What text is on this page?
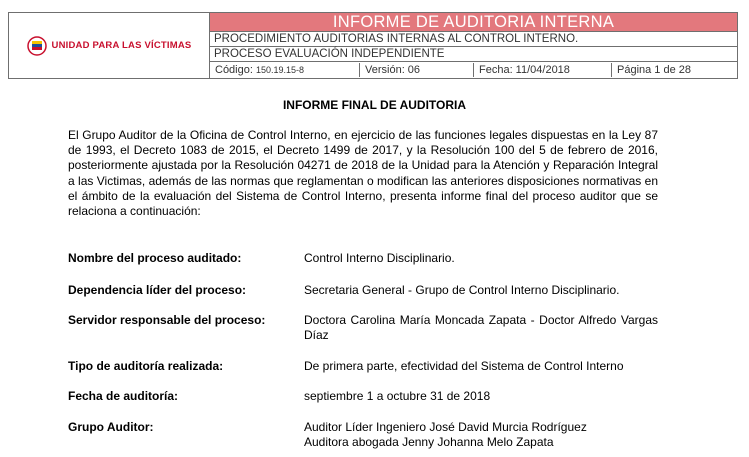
UNIDAD PARA LAS VÍCTIMAS
	INFORME DE AUDITORIA INTERNA
PROCEDIMIENTO AUDITORIAS INTERNAS AL CONTROL INTERNO.
PROCESO EVALUACIÓN INDEPENDIENTE

Código: 150.19.15-8	Versión: 06	Fecha: 11/04/2018	Página 1 de 28
INFORME FINAL DE AUDITORIA

El Grupo Auditor de la Oficina de Control Interno, en ejercicio de las funciones legales dispuestas en la Ley 87 de 1993, el Decreto 1083 de 2015, el Decreto 1499 de 2017, y la Resolución 100 del 5 de febrero de 2016, posteriormente ajustada por la Resolución 04271 de 2018 de la Unidad para la Atención y Reparación Integral a las Victimas, además de las normas que reglamentan o modifican las anteriores disposiciones normativas en el ámbito de la evaluación del Sistema de Control Interno, presenta informe final del proceso auditor que se relaciona a continuación:

Nombre del proceso auditado:	Control Interno Disciplinario.
Dependencia líder del proceso:	Secretaria General - Grupo de Control Interno Disciplinario.
Servidor responsable del proceso:	Doctora Carolina María Moncada Zapata - Doctor Alfredo Vargas Díaz
Tipo de auditoría realizada:	De primera parte, efectividad del Sistema de Control Interno
Fecha de auditoría:	septiembre 1 a octubre 31 de 2018
Grupo Auditor:	Auditor Líder Ingeniero José David Murcia Rodríguez
Auditora abogada Jenny Johanna Melo Zapata
